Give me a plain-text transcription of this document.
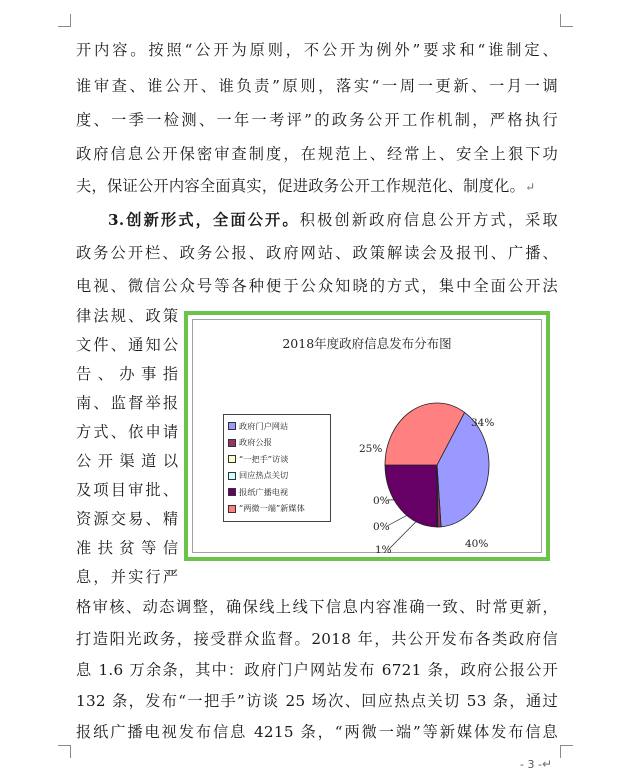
开内容。按照“公开为原则，不公开为例外”要求和“谁制定、
谁审查、谁公开、谁负责”原则，落实“一周一更新、一月一调
度、一季一检测、一年一考评”的政务公开工作机制，严格执行
政府信息公开保密审查制度，在规范上、经常上、安全上狠下功
夫，保证公开内容全面真实，促进政务公开工作规范化、制度化。↵
3.创新形式，全面公开。积极创新政府信息公开方式，采取
政务公开栏、政务公报、政府网站、政策解读会及报刊、广播、
电视、微信公众号等各种便于公众知晓的方式，集中全面公开法
律法规、政策
文件、通知公
告、办事指
南、监督举报
方式、依申请
公开渠道以
及项目审批、
资源交易、精
准扶贫等信
息，并实行严
2018年度政府信息发布分布图
政府门户网站
政府公报
“一把手”访谈
回应热点关切
报纸广播电视
“两微一端”新媒体
40%
1%
0%
0%
25%
34%
格审核、动态调整，确保线上线下信息内容准确一致、时常更新，
打造阳光政务，接受群众监督。2018 年，共公开发布各类政府信
息 1.6 万余条，其中：政府门户网站发布 6721 条，政府公报公开
132 条，发布“一把手”访谈 25 场次、回应热点关切 53 条，通过
报纸广播电视发布信息 4215 条，“两微一端”等新媒体发布信息
- 3 -↵
